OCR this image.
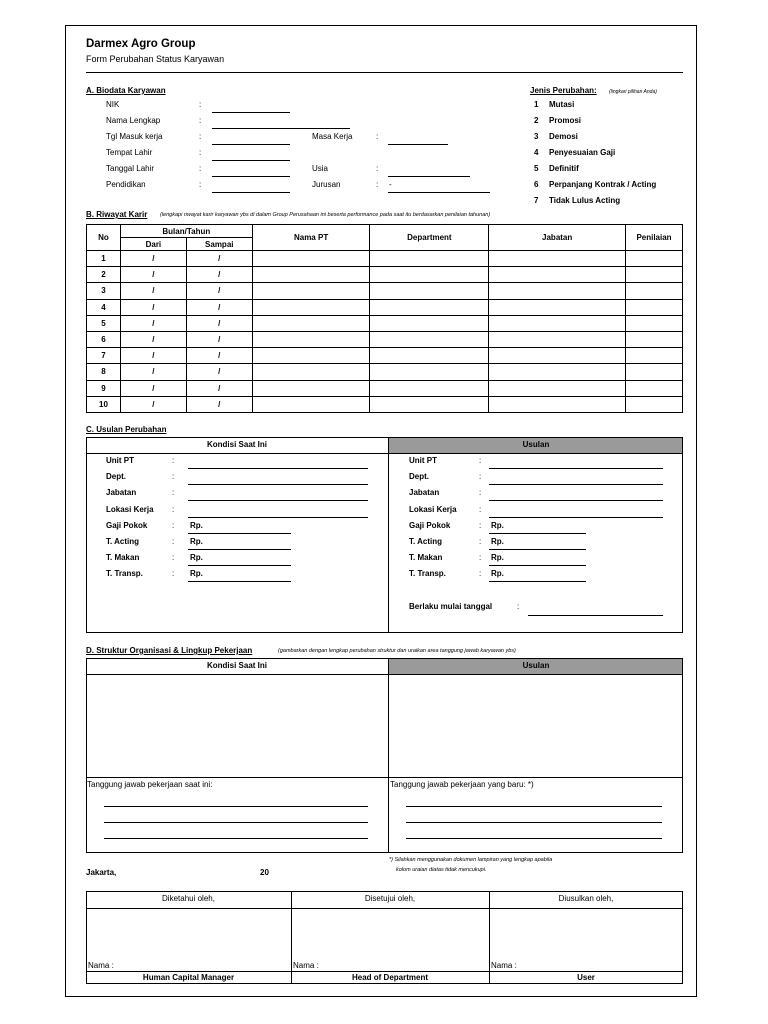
Darmex Agro Group
Form Perubahan Status Karyawan
A. Biodata Karyawan
NIK	:
Nama Lengkap	:
Tgl Masuk kerja	:	Masa Kerja	:
Tempat Lahir	:
Tanggal Lahir	:	Usia	:
Pendidikan	:	Jurusan	: -
Jenis Perubahan: (lingkari pilihan Anda)
1 Mutasi
2 Promosi
3 Demosi
4 Penyesuaian Gaji
5 Definitif
6 Perpanjang Kontrak / Acting
7 Tidak Lulus Acting
B. Riwayat Karir (lengkapi riwayat karir karyawan ybs di dalam Group Perusahaan ini beserta performance pada saat itu berdasarkan penilaian tahunan)
No	Bulan/Tahun		Nama PT	Department	Jabatan	Penilaian
	Dari	Sampai				
1	/	/				
2	/	/				
3	/	/				
4	/	/				
5	/	/				
6	/	/				
7	/	/				
8	/	/				
9	/	/				
10	/	/				
C. Usulan Perubahan
Kondisi Saat Ini	Usulan
Unit PT	:
Dept.	:
Jabatan	:
Lokasi Kerja :
Gaji Pokok	: Rp.
T. Acting	: Rp.
T. Makan	: Rp.
T. Transp.	: Rp.
Unit PT	:
Dept.	:
Jabatan	:
Lokasi Kerja	:
Gaji Pokok	: Rp.
T. Acting	: Rp.
T. Makan	: Rp.
T. Transp.	: Rp.
Berlaku mulai tanggal	:
D. Struktur Organisasi & Lingkup Pekerjaan	(gambarkan dengan lengkap perubahan struktur dan uraikan area tanggung jawab karyawan ybs)
Kondisi Saat Ini	Usulan
Tanggung jawab pekerjaan saat ini:	Tanggung jawab pekerjaan yang baru: *)
*) Silahkan menggunakan dokumen lampiran yang lengkap apabila
kolom uraian diatas tidak mencukupi.
Jakarta,	20
Diketahui oleh,	Disetujui oleh,	Diusulkan oleh,
Nama :	Nama :	Nama :
Human Capital Manager	Head of Department	User
